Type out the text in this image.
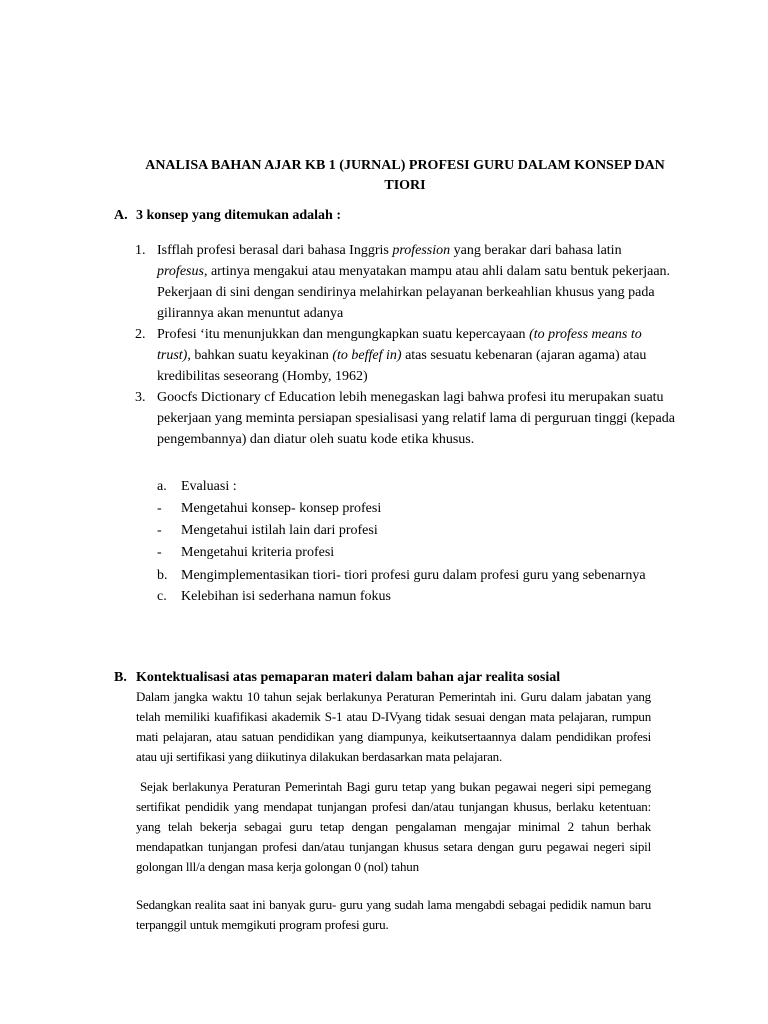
ANALISA BAHAN AJAR KB 1 (JURNAL) PROFESI GURU DALAM KONSEP DAN TIORI
A. 3 konsep yang ditemukan adalah :
1. Isfflah profesi berasal dari bahasa Inggris profession yang berakar dari bahasa latin profesus, artinya mengakui atau menyatakan mampu atau ahli dalam satu bentuk pekerjaan. Pekerjaan di sini dengan sendirinya melahirkan pelayanan berkeahlian khusus yang pada gilirannya akan menuntut adanya
2. Profesi ‘itu menunjukkan dan mengungkapkan suatu kepercayaan (to profess means to trust), bahkan suatu keyakinan (to beffef in) atas sesuatu kebenaran (ajaran agama) atau kredibilitas seseorang (Homby, 1962)
3. Goocfs Dictionary cf Education lebih menegaskan lagi bahwa profesi itu merupakan suatu pekerjaan yang meminta persiapan spesialisasi yang relatif lama di perguruan tinggi (kepada pengembannya) dan diatur oleh suatu kode etika khusus.
a. Evaluasi :
- Mengetahui konsep- konsep profesi
- Mengetahui istilah lain dari profesi
- Mengetahui kriteria profesi
b. Mengimplementasikan tiori- tiori profesi guru dalam profesi guru yang sebenarnya
c. Kelebihan isi sederhana namun fokus
B. Kontektualisasi atas pemaparan materi dalam bahan ajar realita sosial
Dalam jangka waktu 10 tahun sejak berlakunya Peraturan Pemerintah ini. Guru dalam jabatan yang telah memiliki kuafifikasi akademik S-1 atau D-IVyang tidak sesuai dengan mata pelajaran, rumpun mati pelajaran, atau satuan pendidikan yang diampunya, keikutsertaannya dalam pendidikan profesi atau uji sertifikasi yang diikutinya dilakukan berdasarkan mata pelajaran.
Sejak berlakunya Peraturan Pemerintah Bagi guru tetap yang bukan pegawai negeri sipi pemegang sertifikat pendidik yang mendapat tunjangan profesi dan/atau tunjangan khusus, berlaku ketentuan: yang telah bekerja sebagai guru tetap dengan pengalaman mengajar minimal 2 tahun berhak mendapatkan tunjangan profesi dan/atau tunjangan khusus setara dengan guru pegawai negeri sipil golongan lll/a dengan masa kerja golongan 0 (nol) tahun
Sedangkan realita saat ini banyak guru- guru yang sudah lama mengabdi sebagai pedidik namun baru terpanggil untuk memgikuti program profesi guru.
